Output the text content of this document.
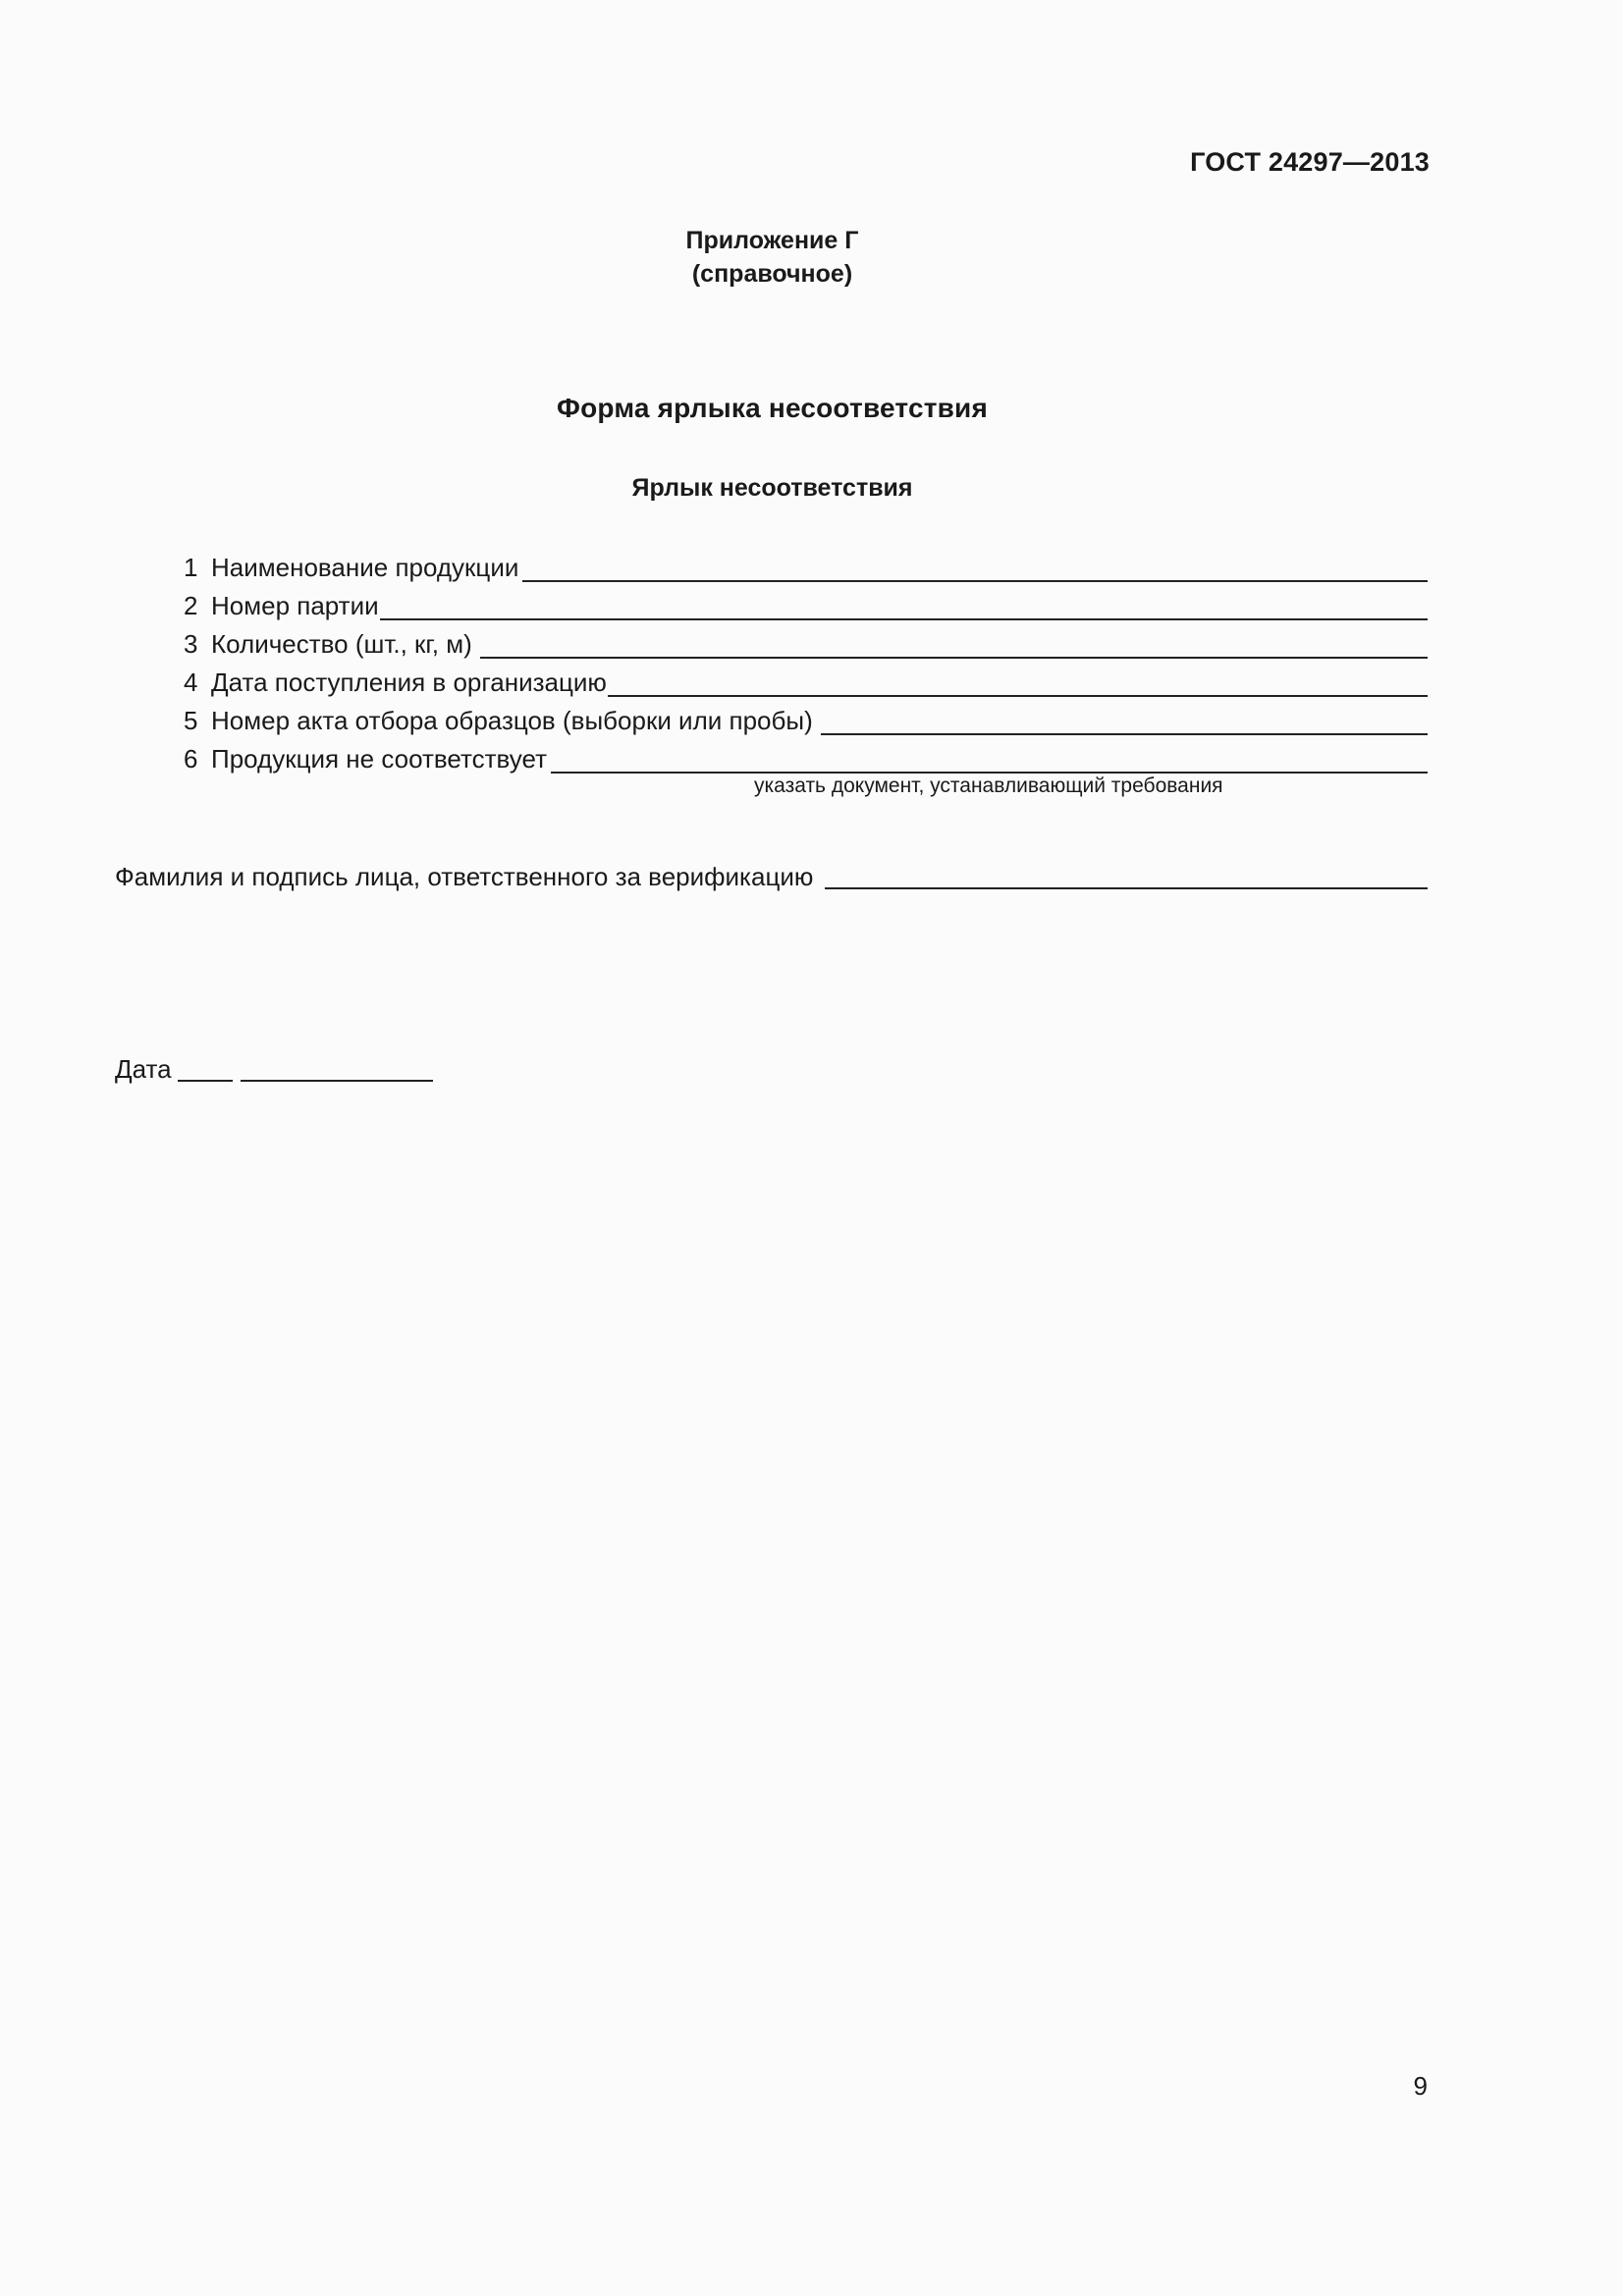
ГОСТ 24297—2013
Приложение Г
(справочное)
Форма ярлыка несоответствия
Ярлык несоответствия
1 Наименование продукции
2 Номер партии
3 Количество (шт., кг, м)
4 Дата поступления в организацию
5 Номер акта отбора образцов (выборки или пробы)
6 Продукция не соответствует
указать документ, устанавливающий требования
Фамилия и подпись лица, ответственного за верификацию
Дата
9
